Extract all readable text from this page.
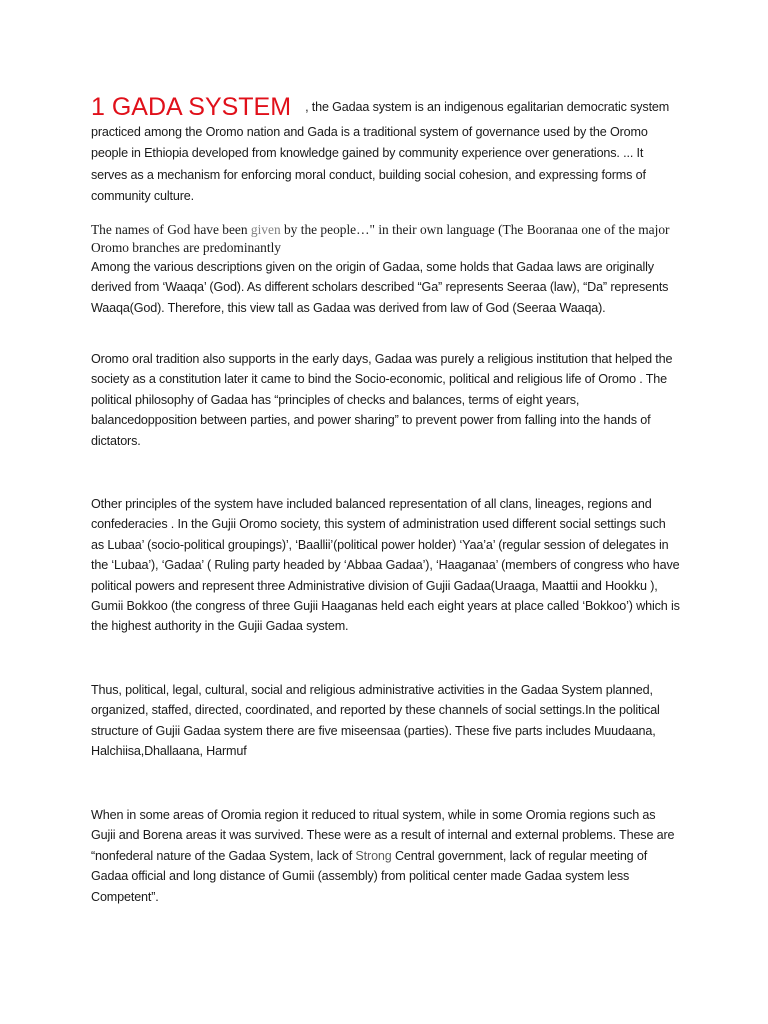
1 GADA SYSTEM , the Gadaa system is an indigenous egalitarian democratic system
practiced among the Oromo nation and Gada is a traditional system of governance used by the Oromo people in Ethiopia developed from knowledge gained by community experience over generations. ... It serves as a mechanism for enforcing moral conduct, building social cohesion, and expressing forms of community culture.

The names of God have been given by the people…" in their own language (The Booranaa one of the major Oromo branches are predominantly

Among the various descriptions given on the origin of Gadaa, some holds that Gadaa laws are originally derived from ‘Waaqa’ (God). As different scholars described “Ga” represents Seeraa (law), “Da” represents Waaqa(God). Therefore, this view tall as Gadaa was derived from law of God (Seeraa Waaqa).

Oromo oral tradition also supports in the early days, Gadaa was purely a religious institution that helped the society as a constitution later it came to bind the Socio-economic, political and religious life of Oromo . The political philosophy of Gadaa has “principles of checks and balances, terms of eight years, balancedopposition between parties, and power sharing” to prevent power from falling into the hands of dictators.

Other principles of the system have included balanced representation of all clans, lineages, regions and confederacies . In the Gujii Oromo society, this system of administration used different social settings such as Lubaa’ (socio-political groupings)’, ‘Baallii’(political power holder) ‘Yaa’a’ (regular session of delegates in the ‘Lubaa’), ‘Gadaa’ ( Ruling party headed by ‘Abbaa Gadaa’), ‘Haaganaa’ (members of congress who have political powers and represent three Administrative division of Gujii Gadaa(Uraaga, Maattii and Hookku ), Gumii Bokkoo (the congress of three Gujii Haaganas held each eight years at place called ‘Bokkoo’) which is the highest authority in the Gujii Gadaa system.

Thus, political, legal, cultural, social and religious administrative activities in the Gadaa System planned, organized, staffed, directed, coordinated, and reported by these channels of social settings.In the political structure of Gujii Gadaa system there are five miseensaa (parties). These five parts includes Muudaana, Halchiisa,Dhallaana, Harmuf

When in some areas of Oromia region it reduced to ritual system, while in some Oromia regions such as Gujii and Borena areas it was survived. These were as a result of internal and external problems. These are “nonfederal nature of the Gadaa System, lack of Strong Central government, lack of regular meeting of Gadaa official and long distance of Gumii (assembly) from political center made Gadaa system less Competent”.
